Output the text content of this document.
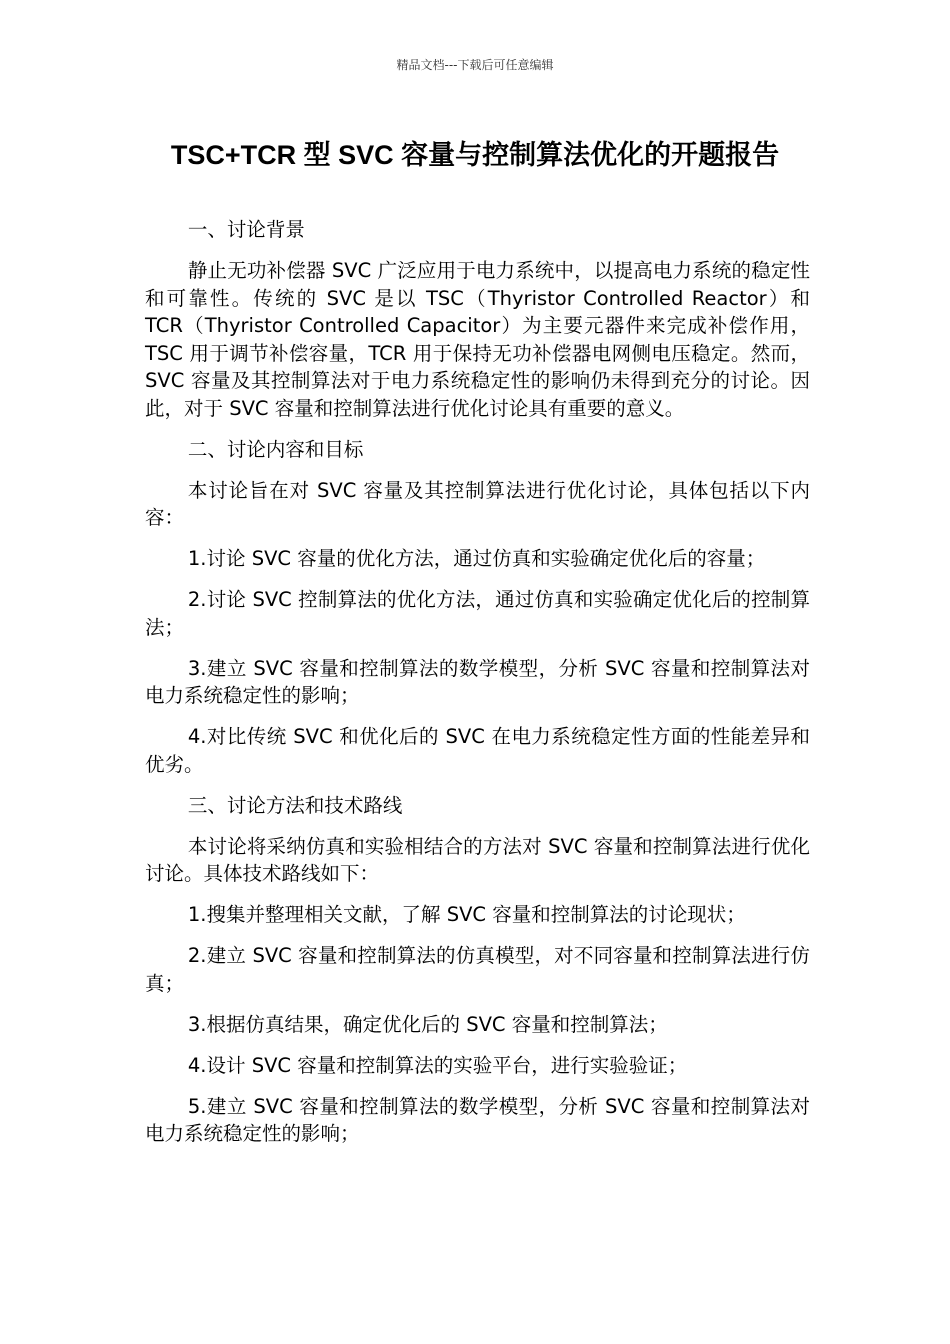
精品文档---下载后可任意编辑
TSC+TCR 型 SVC 容量与控制算法优化的开题报告

一、讨论背景

静止无功补偿器 SVC 广泛应用于电力系统中，以提高电力系统的稳定性和可靠性。传统的 SVC 是以 TSC（Thyristor Controlled Reactor）和 TCR（Thyristor Controlled Capacitor）为主要元器件来完成补偿作用，TSC 用于调节补偿容量，TCR 用于保持无功补偿器电网侧电压稳定。然而，SVC 容量及其控制算法对于电力系统稳定性的影响仍未得到充分的讨论。因此，对于 SVC 容量和控制算法进行优化讨论具有重要的意义。

二、讨论内容和目标

本讨论旨在对 SVC 容量及其控制算法进行优化讨论，具体包括以下内容：

1.讨论 SVC 容量的优化方法，通过仿真和实验确定优化后的容量；

2.讨论 SVC 控制算法的优化方法，通过仿真和实验确定优化后的控制算法；

3.建立 SVC 容量和控制算法的数学模型，分析 SVC 容量和控制算法对电力系统稳定性的影响；

4.对比传统 SVC 和优化后的 SVC 在电力系统稳定性方面的性能差异和优劣。

三、讨论方法和技术路线

本讨论将采纳仿真和实验相结合的方法对 SVC 容量和控制算法进行优化讨论。具体技术路线如下：

1.搜集并整理相关文献，了解 SVC 容量和控制算法的讨论现状；

2.建立 SVC 容量和控制算法的仿真模型，对不同容量和控制算法进行仿真；

3.根据仿真结果，确定优化后的 SVC 容量和控制算法；

4.设计 SVC 容量和控制算法的实验平台，进行实验验证；

5.建立 SVC 容量和控制算法的数学模型，分析 SVC 容量和控制算法对电力系统稳定性的影响；
